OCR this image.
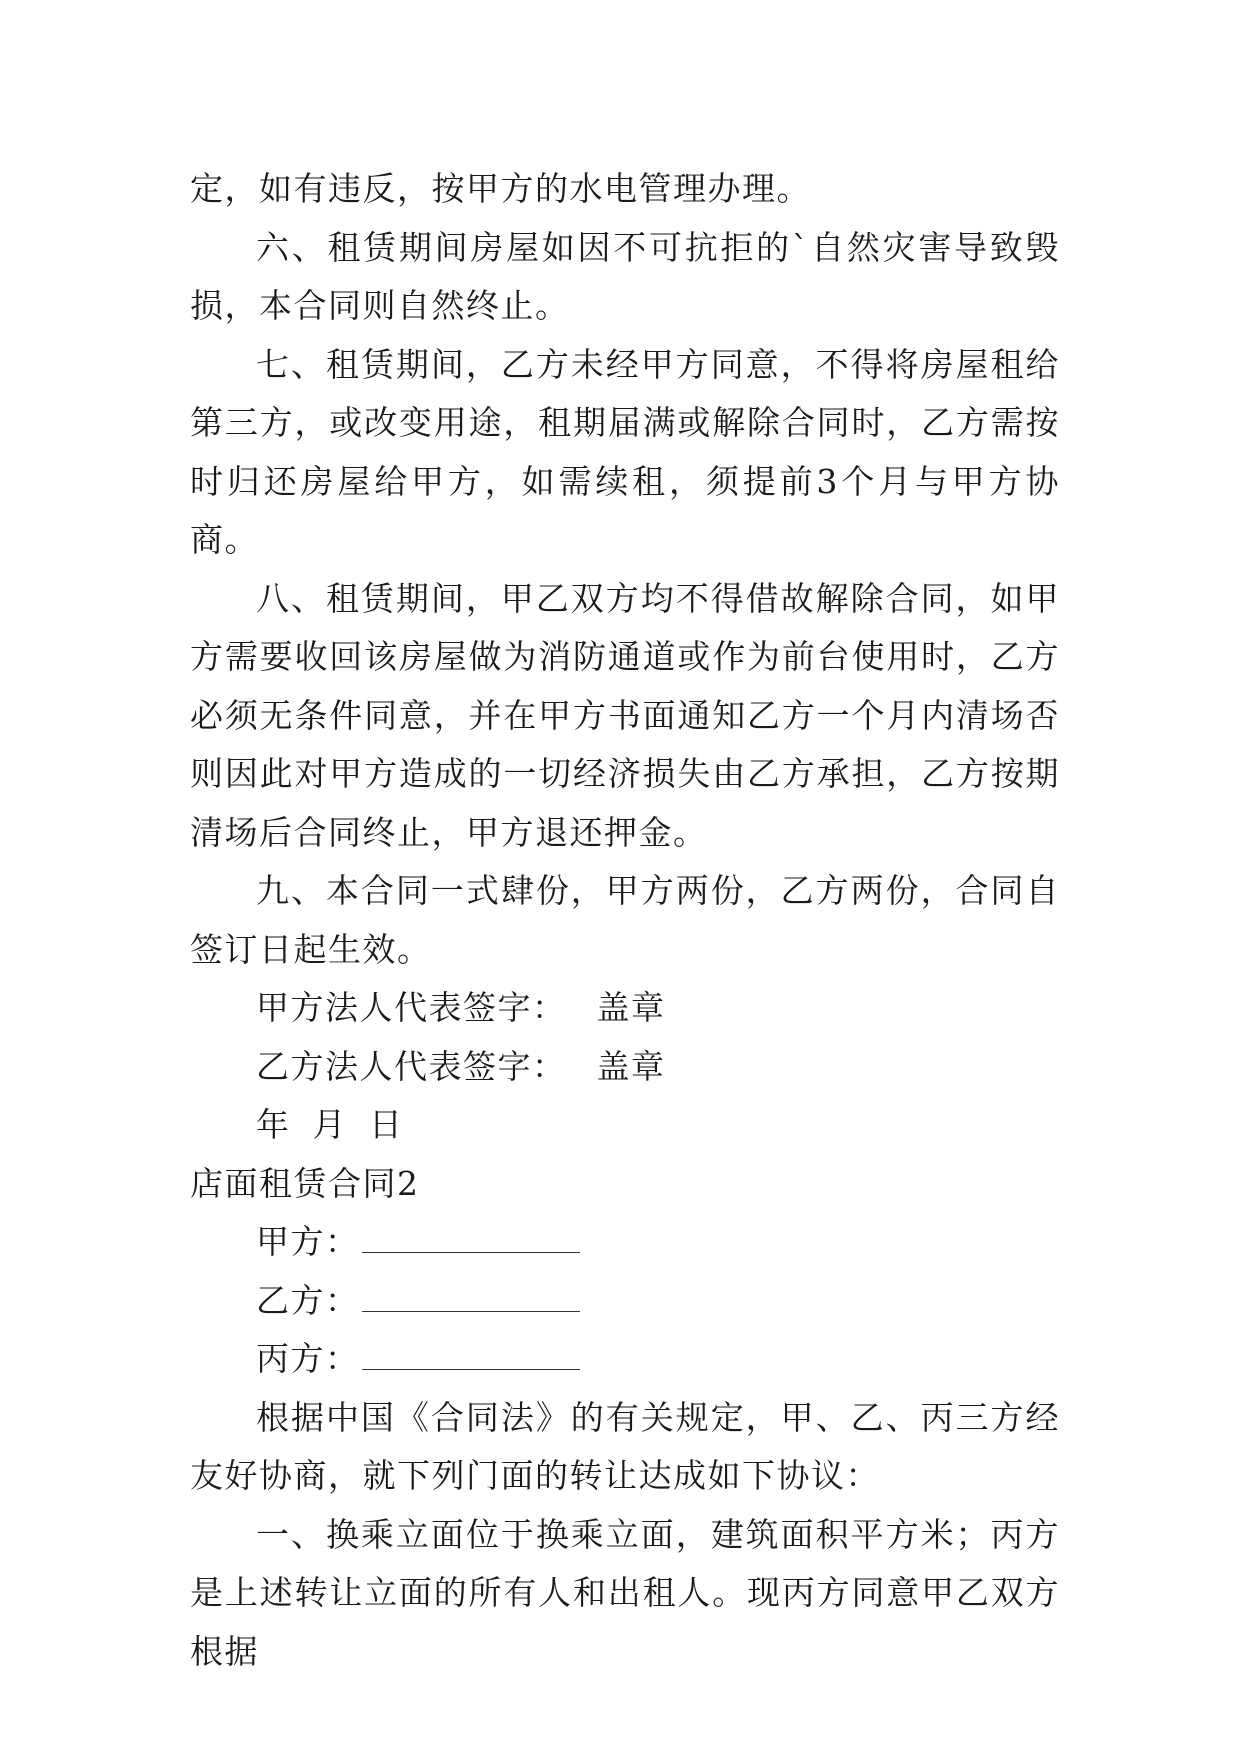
定，如有违反，按甲方的水电管理办理。

六、租赁期间房屋如因不可抗拒的`自然灾害导致毁损，本合同则自然终止。

七、租赁期间，乙方未经甲方同意，不得将房屋租给第三方，或改变用途，租期届满或解除合同时，乙方需按时归还房屋给甲方，如需续租，须提前3个月与甲方协商。

八、租赁期间，甲乙双方均不得借故解除合同，如甲方需要收回该房屋做为消防通道或作为前台使用时，乙方必须无条件同意，并在甲方书面通知乙方一个月内清场否则因此对甲方造成的一切经济损失由乙方承担，乙方按期清场后合同终止，甲方退还押金。

九、本合同一式肆份，甲方两份，乙方两份，合同自签订日起生效。

甲方法人代表签字： 盖章
乙方法人代表签字： 盖章
年 月 日
店面租赁合同2
甲方：
乙方：
丙方：

根据中国《合同法》的有关规定，甲、乙、丙三方经友好协商，就下列门面的转让达成如下协议：

一、换乘立面位于换乘立面，建筑面积平方米；丙方是上述转让立面的所有人和出租人。现丙方同意甲乙双方根据
